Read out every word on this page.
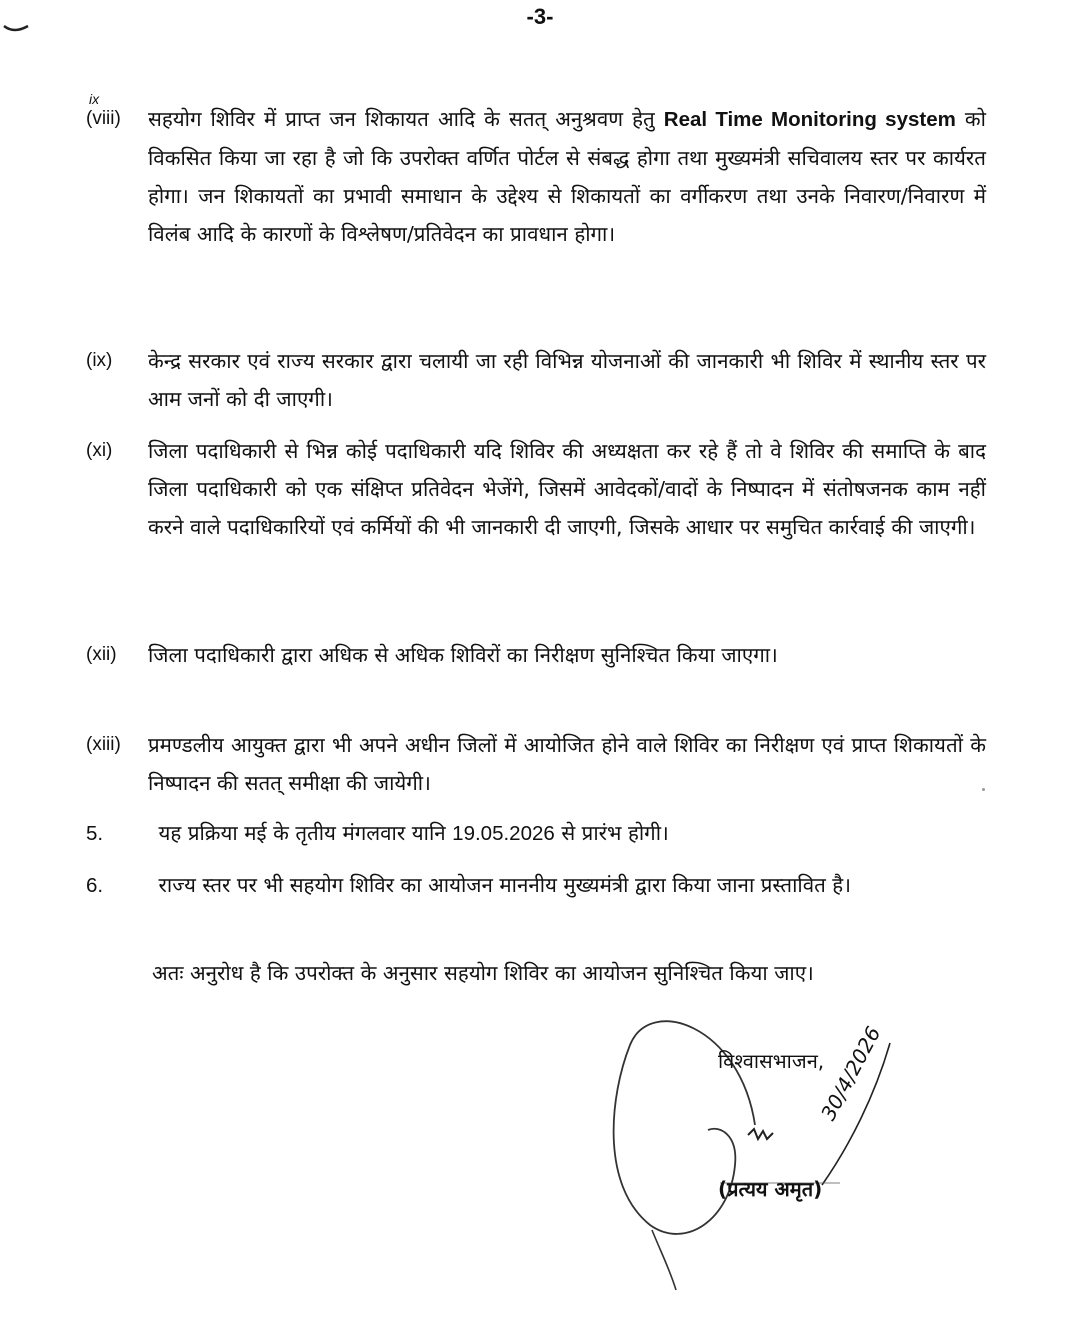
-3-
ix
(viii)	सहयोग शिविर में प्राप्त जन शिकायत आदि के सतत् अनुश्रवण हेतु Real Time Monitoring system को विकसित किया जा रहा है जो कि उपरोक्त वर्णित पोर्टल से संबद्ध होगा तथा मुख्यमंत्री सचिवालय स्तर पर कार्यरत होगा। जन शिकायतों का प्रभावी समाधान के उद्देश्य से शिकायतों का वर्गीकरण तथा उनके निवारण/निवारण में विलंब आदि के कारणों के विश्लेषण/प्रतिवेदन का प्रावधान होगा।
(ix)	केन्द्र सरकार एवं राज्य सरकार द्वारा चलायी जा रही विभिन्न योजनाओं की जानकारी भी शिविर में स्थानीय स्तर पर आम जनों को दी जाएगी।
(xi)	जिला पदाधिकारी से भिन्न कोई पदाधिकारी यदि शिविर की अध्यक्षता कर रहे हैं तो वे शिविर की समाप्ति के बाद जिला पदाधिकारी को एक संक्षिप्त प्रतिवेदन भेजेंगे, जिसमें आवेदकों/वादों के निष्पादन में संतोषजनक काम नहीं करने वाले पदाधिकारियों एवं कर्मियों की भी जानकारी दी जाएगी, जिसके आधार पर समुचित कार्रवाई की जाएगी।
(xii)	जिला पदाधिकारी द्वारा अधिक से अधिक शिविरों का निरीक्षण सुनिश्चित किया जाएगा।
(xiii)	प्रमण्डलीय आयुक्त द्वारा भी अपने अधीन जिलों में आयोजित होने वाले शिविर का निरीक्षण एवं प्राप्त शिकायतों के निष्पादन की सतत् समीक्षा की जायेगी।
5.	यह प्रक्रिया मई के तृतीय मंगलवार यानि 19.05.2026 से प्रारंभ होगी।
6.	राज्य स्तर पर भी सहयोग शिविर का आयोजन माननीय मुख्यमंत्री द्वारा किया जाना प्रस्तावित है।
अतः अनुरोध है कि उपरोक्त के अनुसार सहयोग शिविर का आयोजन सुनिश्चित किया जाए।
विश्वासभाजन,
30/4/2026
(प्रत्यय अमृत)
